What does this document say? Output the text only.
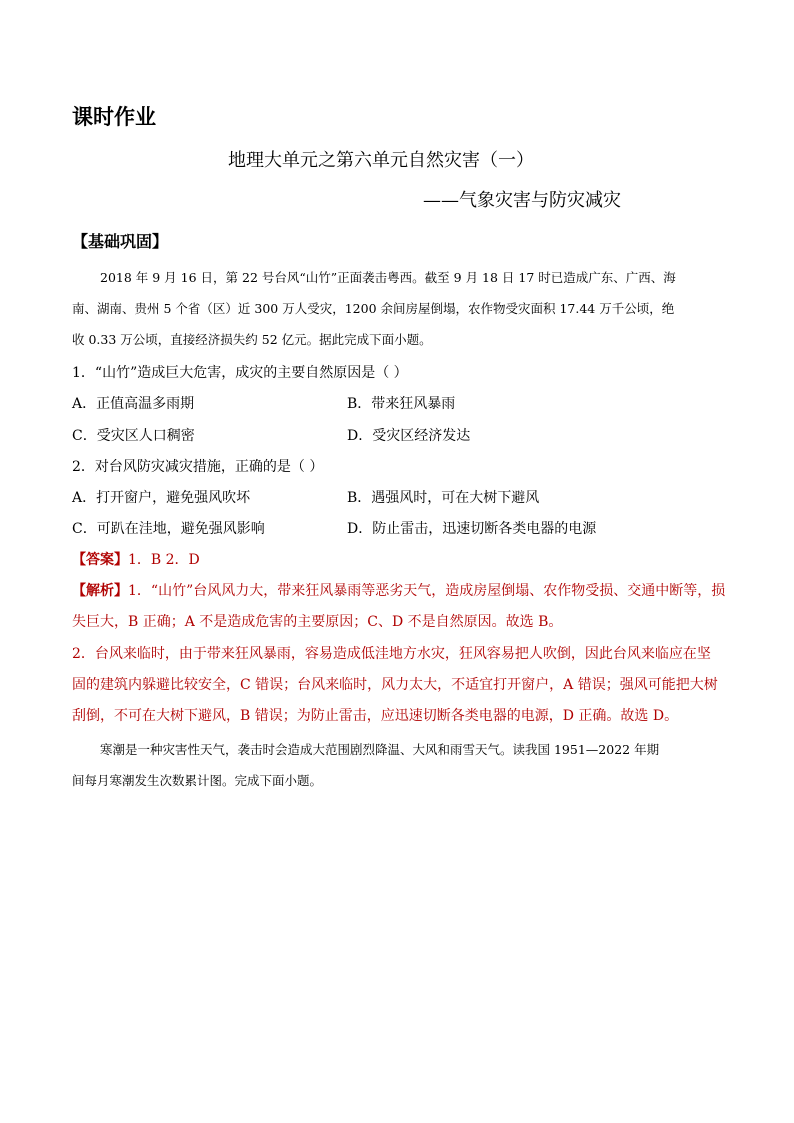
课时作业
地理大单元之第六单元自然灾害（一）
——气象灾害与防灾减灾
【基础巩固】
2018 年 9 月 16 日，第 22 号台风“山竹”正面袭击粤西。截至 9 月 18 日 17 时已造成广东、广西、海
南、湖南、贵州 5 个省（区）近 300 万人受灾，1200 余间房屋倒塌，农作物受灾面积 17.44 万千公顷，绝
收 0.33 万公顷，直接经济损失约 52 亿元。据此完成下面小题。
1．“山竹”造成巨大危害，成灾的主要自然原因是（ ）
A．正值高温多雨期	B．带来狂风暴雨
C．受灾区人口稠密	D．受灾区经济发达
2．对台风防灾减灾措施，正确的是（ ）
A．打开窗户，避免强风吹坏	B．遇强风时，可在大树下避风
C．可趴在洼地，避免强风影响	D．防止雷击，迅速切断各类电器的电源
【答案】1．B 2．D
【解析】1．“山竹”台风风力大，带来狂风暴雨等恶劣天气，造成房屋倒塌、农作物受损、交通中断等，损
失巨大，B 正确；A 不是造成危害的主要原因；C、D 不是自然原因。故选 B。
2．台风来临时，由于带来狂风暴雨，容易造成低洼地方水灾，狂风容易把人吹倒，因此台风来临应在坚
固的建筑内躲避比较安全，C 错误；台风来临时，风力太大，不适宜打开窗户，A 错误；强风可能把大树
刮倒，不可在大树下避风，B 错误；为防止雷击，应迅速切断各类电器的电源，D 正确。故选 D。
寒潮是一种灾害性天气，袭击时会造成大范围剧烈降温、大风和雨雪天气。读我国 1951—2022 年期
间每月寒潮发生次数累计图。完成下面小题。
